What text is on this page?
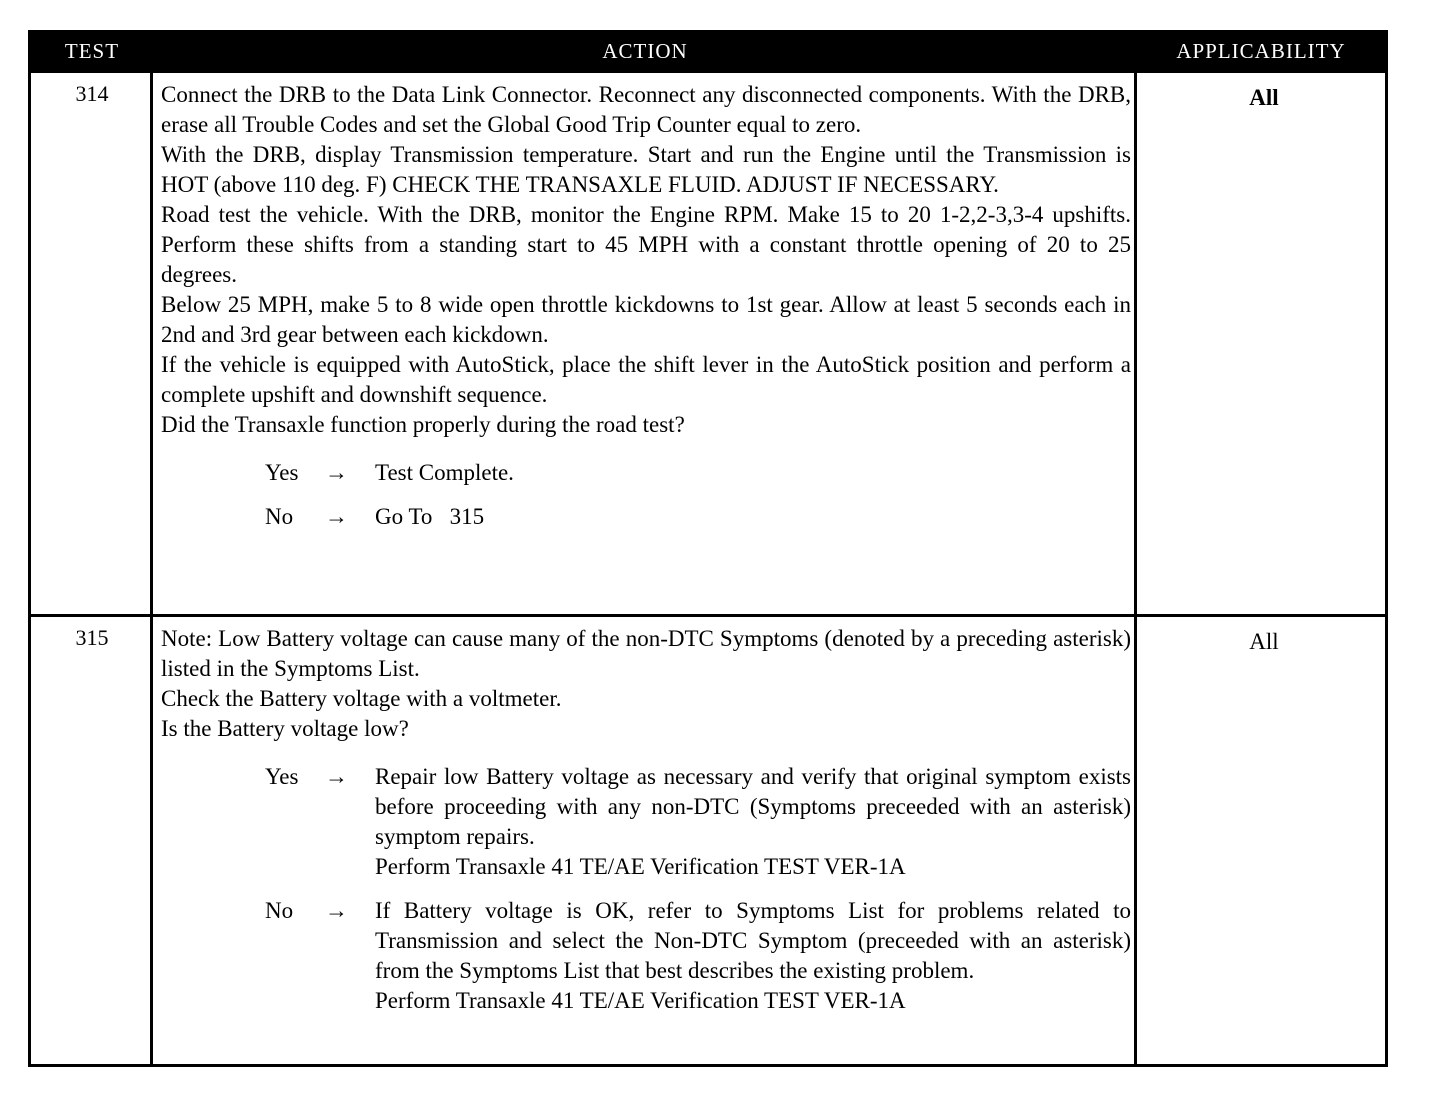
TEST	ACTION	APPLICABILITY
314	Connect the DRB to the Data Link Connector. Reconnect any disconnected components. With the DRB, erase all Trouble Codes and set the Global Good Trip Counter equal to zero.

With the DRB, display Transmission temperature. Start and run the Engine until the Transmission is HOT (above 110 deg. F) CHECK THE TRANSAXLE FLUID. ADJUST IF NECESSARY.

Road test the vehicle. With the DRB, monitor the Engine RPM. Make 15 to 20 1-2,2-3,3-4 upshifts. Perform these shifts from a standing start to 45 MPH with a constant throttle opening of 20 to 25 degrees.

Below 25 MPH, make 5 to 8 wide open throttle kickdowns to 1st gear. Allow at least 5 seconds each in 2nd and 3rd gear between each kickdown.

If the vehicle is equipped with AutoStick, place the shift lever in the AutoStick position and perform a complete upshift and downshift sequence.

Did the Transaxle function properly during the road test?

Yes	→	Test Complete.

No	→	Go To   315

All
315	Note: Low Battery voltage can cause many of the non-DTC Symptoms (denoted by a preceding asterisk) listed in the Symptoms List.

Check the Battery voltage with a voltmeter.

Is the Battery voltage low?

Yes	→	Repair low Battery voltage as necessary and verify that original symptom exists before proceeding with any non-DTC (Symptoms preceeded with an asterisk) symptom repairs.

Perform Transaxle 41 TE/AE Verification TEST VER-1A

No	→	If Battery voltage is OK, refer to Symptoms List for problems related to Transmission and select the Non-DTC Symptom (preceeded with an asterisk) from the Symptoms List that best describes the existing problem.

Perform Transaxle 41 TE/AE Verification TEST VER-1A

All
